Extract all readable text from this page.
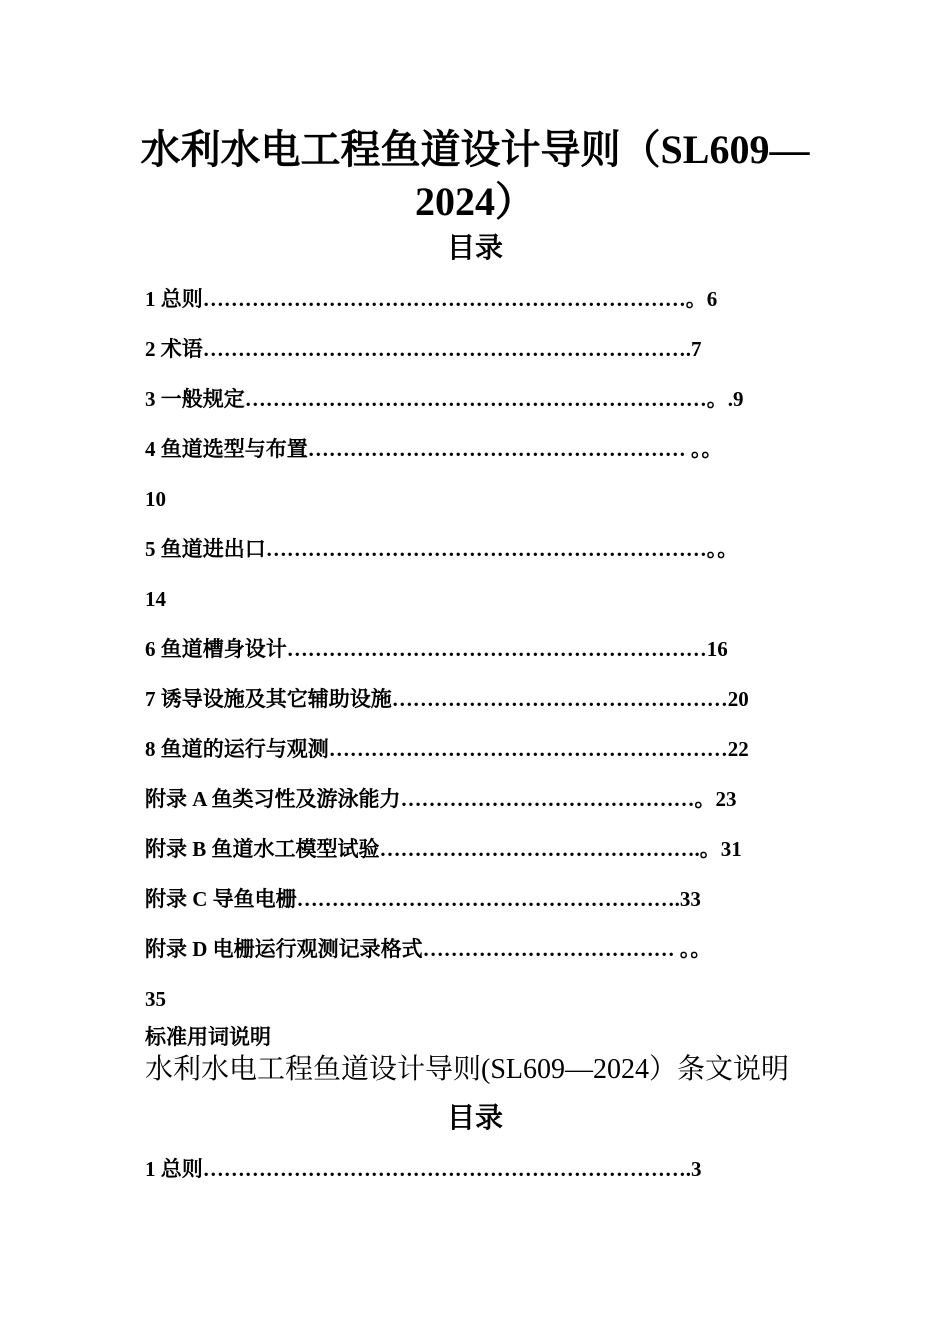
水利水电工程鱼道设计导则（SL609—2024）
目录
1 总则……………………………………………………………。6
2 术语…………………………………………………………….7
3 一般规定…………………………………………………………。.9
4 鱼道选型与布置……………………………………………… 。。
10
5 鱼道进出口………………………………………………………。。
14
6 鱼道槽身设计……………………………………………………16
7 诱导设施及其它辅助设施…………………………………………20
8 鱼道的运行与观测…………………………………………………22
附录 A 鱼类习性及游泳能力……………………………………。23
附录 B 鱼道水工模型试验……………………………………….。31
附录 C 导鱼电栅……………………………………………….33
附录 D 电栅运行观测记录格式……………………………… 。。
35
标准用词说明
水利水电工程鱼道设计导则(SL609—2024）条文说明
目录
1 总则…………………………………………………………….3
